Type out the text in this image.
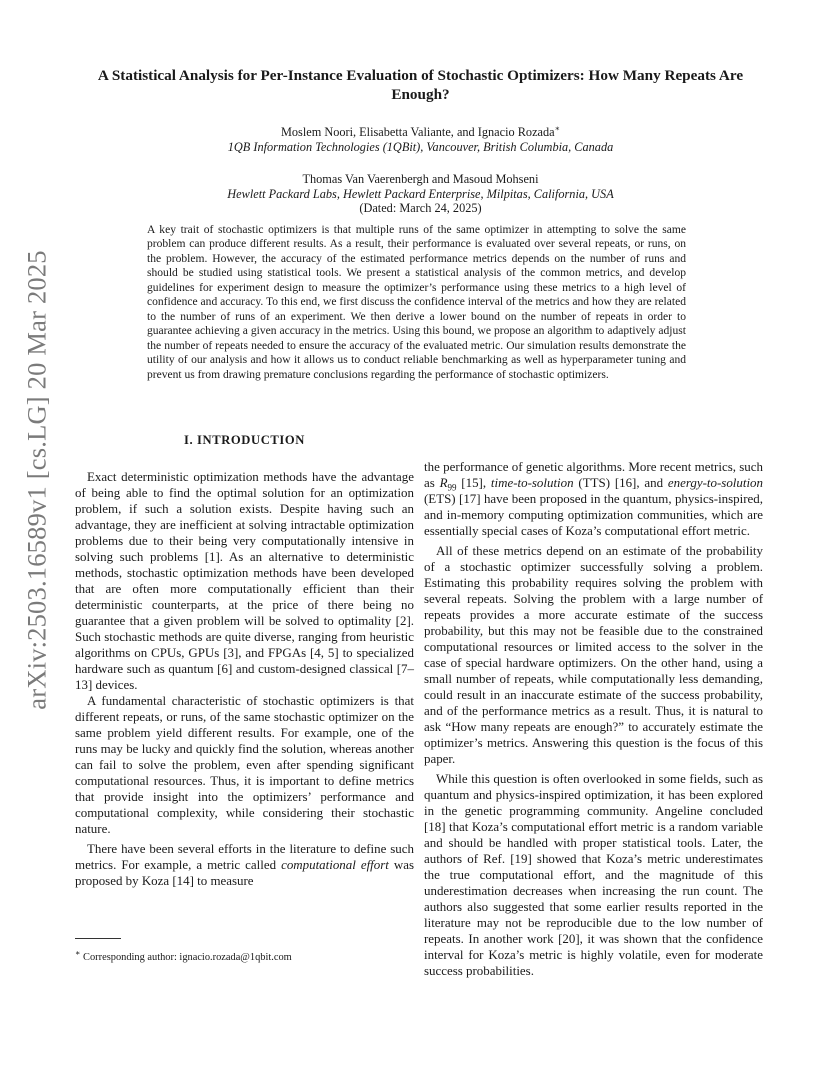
arXiv:2503.16589v1 [cs.LG] 20 Mar 2025
A Statistical Analysis for Per-Instance Evaluation of Stochastic Optimizers: How Many Repeats Are Enough?
Moslem Noori, Elisabetta Valiante, and Ignacio Rozada∗
1QB Information Technologies (1QBit), Vancouver, British Columbia, Canada
Thomas Van Vaerenbergh and Masoud Mohseni
Hewlett Packard Labs, Hewlett Packard Enterprise, Milpitas, California, USA
(Dated: March 24, 2025)

A key trait of stochastic optimizers is that multiple runs of the same optimizer in attempting to solve the same problem can produce different results. As a result, their performance is evaluated over several repeats, or runs, on the problem. However, the accuracy of the estimated performance metrics depends on the number of runs and should be studied using statistical tools. We present a statistical analysis of the common metrics, and develop guidelines for experiment design to measure the optimizer’s performance using these metrics to a high level of confidence and accuracy. To this end, we first discuss the confidence interval of the metrics and how they are related to the number of runs of an experiment. We then derive a lower bound on the number of repeats in order to guarantee achieving a given accuracy in the metrics. Using this bound, we propose an algorithm to adaptively adjust the number of repeats needed to ensure the accuracy of the evaluated metric. Our simulation results demonstrate the utility of our analysis and how it allows us to conduct reliable benchmarking as well as hyperparameter tuning and prevent us from drawing premature conclusions regarding the performance of stochastic optimizers.

I. INTRODUCTION

Exact deterministic optimization methods have the advantage of being able to find the optimal solution for an optimization problem, if such a solution exists. Despite having such an advantage, they are inefficient at solving intractable optimization problems due to their being very computationally intensive in solving such problems [1]. As an alternative to deterministic methods, stochastic optimization methods have been developed that are often more computationally efficient than their deterministic counterparts, at the price of there being no guarantee that a given problem will be solved to optimality [2]. Such stochastic methods are quite diverse, ranging from heuristic algorithms on CPUs, GPUs [3], and FPGAs [4, 5] to specialized hardware such as quantum [6] and custom-designed classical [7–13] devices.

A fundamental characteristic of stochastic optimizers is that different repeats, or runs, of the same stochastic optimizer on the same problem yield different results. For example, one of the runs may be lucky and quickly find the solution, whereas another can fail to solve the problem, even after spending significant computational resources. Thus, it is important to define metrics that provide insight into the optimizers’ performance and computational complexity, while considering their stochastic nature.

There have been several efforts in the literature to define such metrics. For example, a metric called computational effort was proposed by Koza [14] to measure

the performance of genetic algorithms. More recent metrics, such as $R_{99}$ [15], time-to-solution (TTS) [16], and energy-to-solution (ETS) [17] have been proposed in the quantum, physics-inspired, and in-memory computing optimization communities, which are essentially special cases of Koza’s computational effort metric.

All of these metrics depend on an estimate of the probability of a stochastic optimizer successfully solving a problem. Estimating this probability requires solving the problem with several repeats. Solving the problem with a large number of repeats provides a more accurate estimate of the success probability, but this may not be feasible due to the constrained computational resources or limited access to the solver in the case of special hardware optimizers. On the other hand, using a small number of repeats, while computationally less demanding, could result in an inaccurate estimate of the success probability, and of the performance metrics as a result. Thus, it is natural to ask “How many repeats are enough?” to accurately estimate the optimizer’s metrics. Answering this question is the focus of this paper.

While this question is often overlooked in some fields, such as quantum and physics-inspired optimization, it has been explored in the genetic programming community. Angeline concluded [18] that Koza’s computational effort metric is a random variable and should be handled with proper statistical tools. Later, the authors of Ref. [19] showed that Koza’s metric underestimates the true computational effort, and the magnitude of this underestimation decreases when increasing the run count. The authors also suggested that some earlier results reported in the literature may not be reproducible due to the low number of repeats. In another work [20], it was shown that the confidence interval for Koza’s metric is highly volatile, even for moderate success probabilities.

∗ Corresponding author: ignacio.rozada@1qbit.com
